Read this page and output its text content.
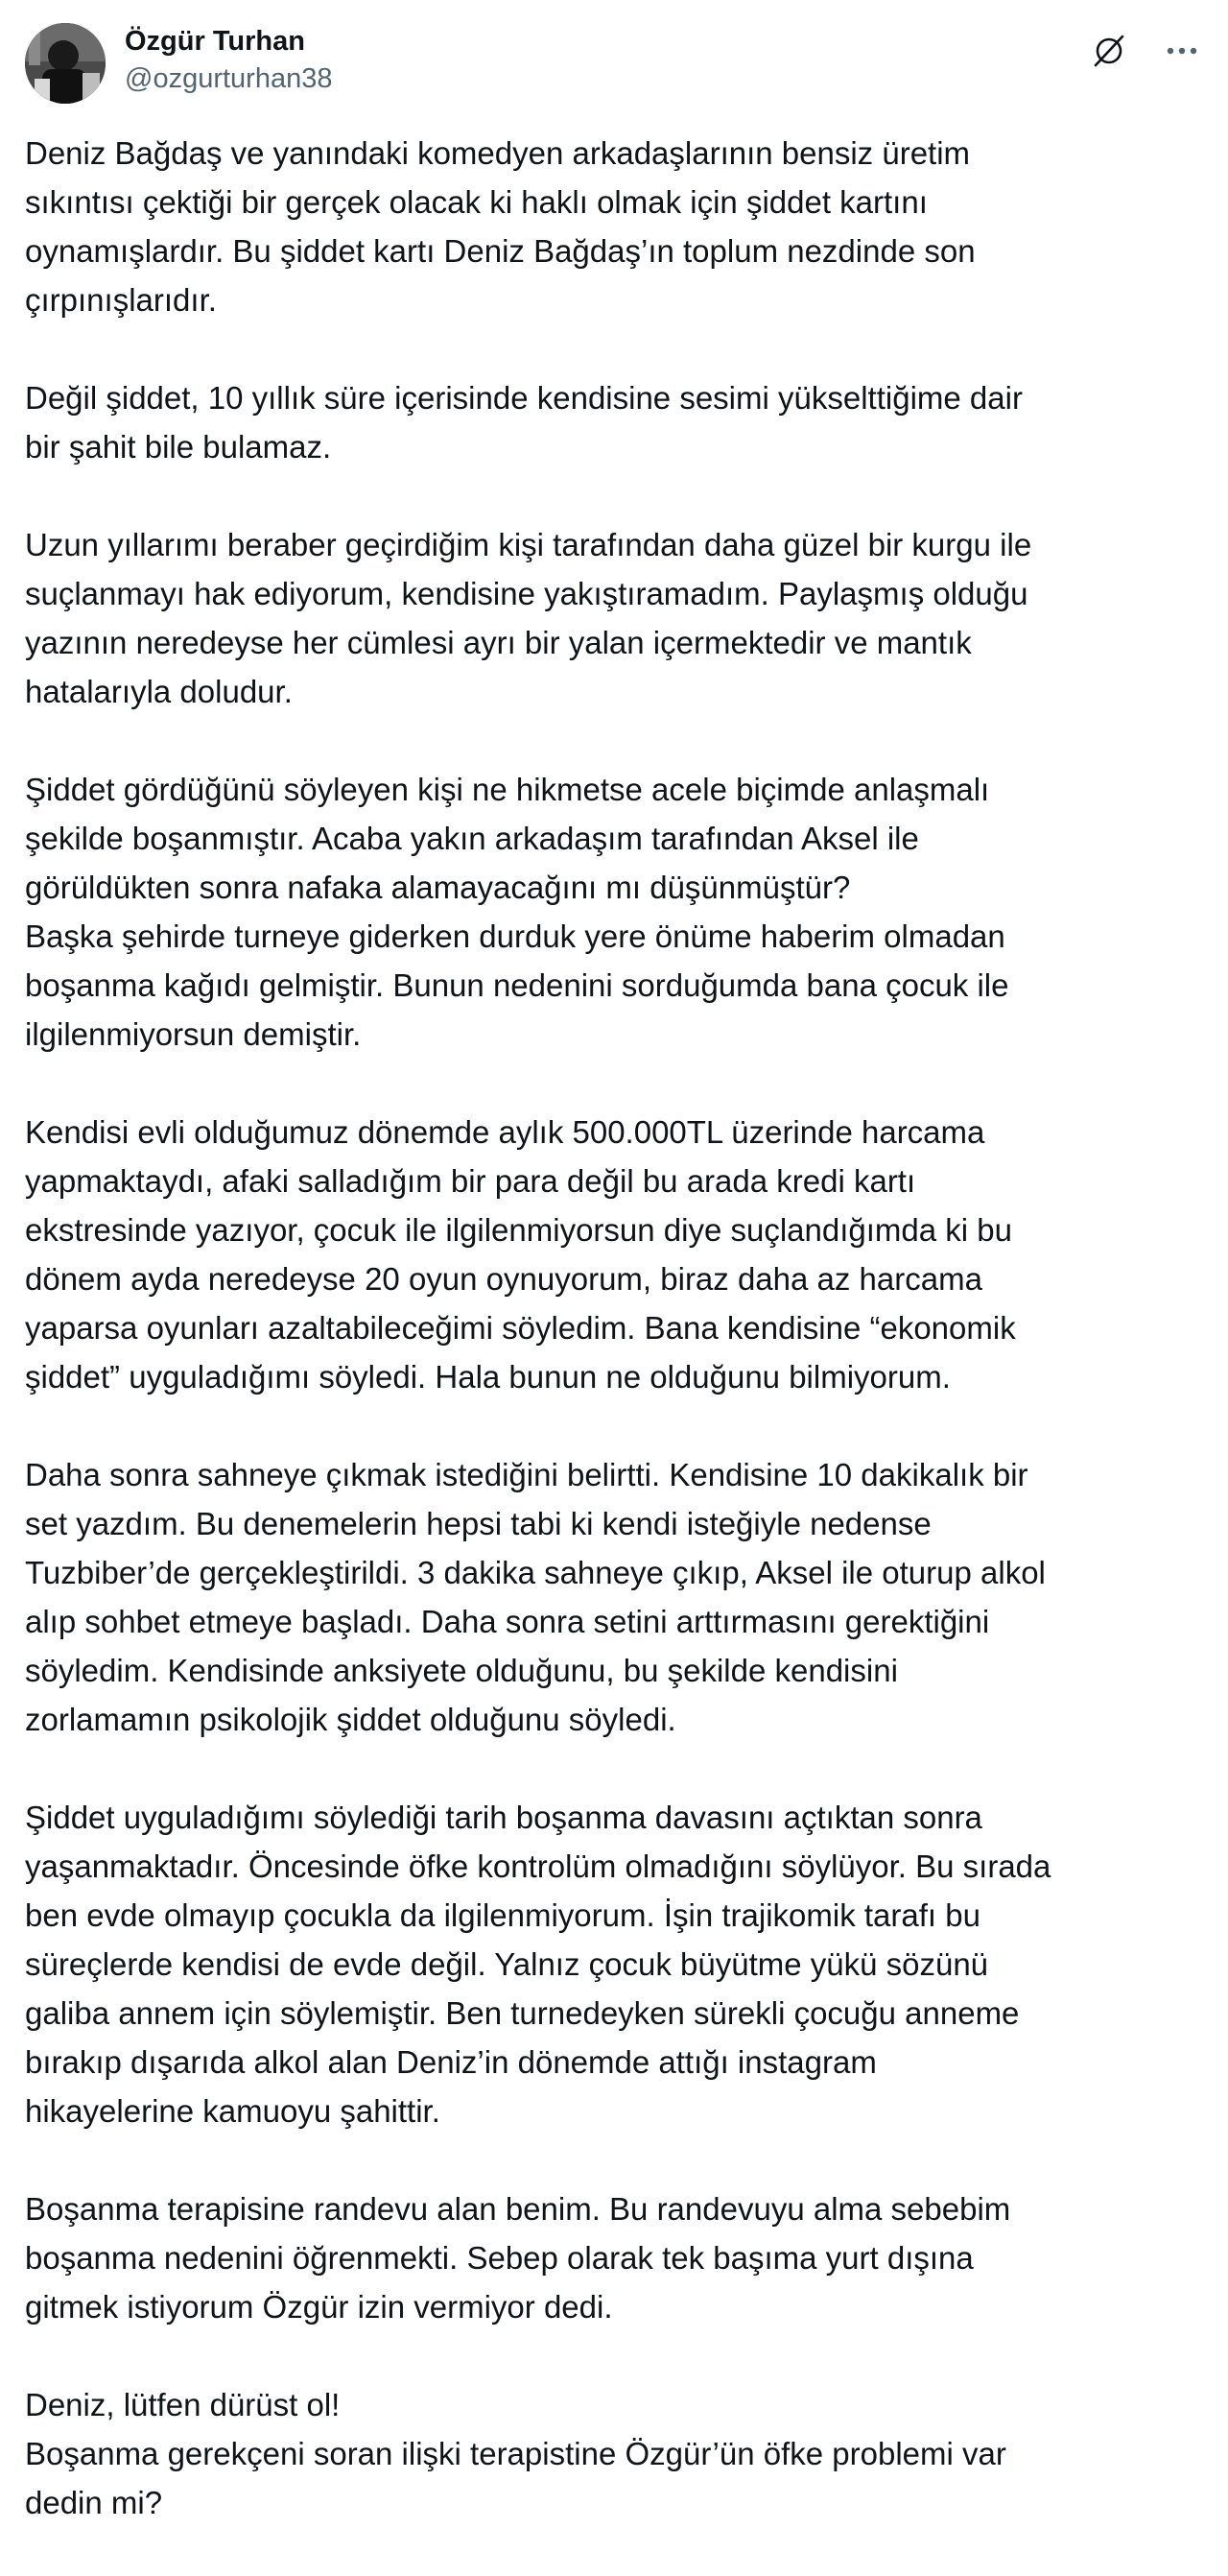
Özgür Turhan
@ozgurturhan38

Deniz Bağdaş ve yanındaki komedyen arkadaşlarının bensiz üretim
sıkıntısı çektiği bir gerçek olacak ki haklı olmak için şiddet kartını
oynamışlardır. Bu şiddet kartı Deniz Bağdaş’ın toplum nezdinde son
çırpınışlarıdır.

Değil şiddet, 10 yıllık süre içerisinde kendisine sesimi yükselttiğime dair
bir şahit bile bulamaz.

Uzun yıllarımı beraber geçirdiğim kişi tarafından daha güzel bir kurgu ile
suçlanmayı hak ediyorum, kendisine yakıştıramadım. Paylaşmış olduğu
yazının neredeyse her cümlesi ayrı bir yalan içermektedir ve mantık
hatalarıyla doludur.

Şiddet gördüğünü söyleyen kişi ne hikmetse acele biçimde anlaşmalı
şekilde boşanmıştır. Acaba yakın arkadaşım tarafından Aksel ile
görüldükten sonra nafaka alamayacağını mı düşünmüştür?
Başka şehirde turneye giderken durduk yere önüme haberim olmadan
boşanma kağıdı gelmiştir. Bunun nedenini sorduğumda bana çocuk ile
ilgilenmiyorsun demiştir.

Kendisi evli olduğumuz dönemde aylık 500.000TL üzerinde harcama
yapmaktaydı, afaki salladığım bir para değil bu arada kredi kartı
ekstresinde yazıyor, çocuk ile ilgilenmiyorsun diye suçlandığımda ki bu
dönem ayda neredeyse 20 oyun oynuyorum, biraz daha az harcama
yaparsa oyunları azaltabileceğimi söyledim. Bana kendisine “ekonomik
şiddet” uyguladığımı söyledi. Hala bunun ne olduğunu bilmiyorum.

Daha sonra sahneye çıkmak istediğini belirtti. Kendisine 10 dakikalık bir
set yazdım. Bu denemelerin hepsi tabi ki kendi isteğiyle nedense
Tuzbiber’de gerçekleştirildi. 3 dakika sahneye çıkıp, Aksel ile oturup alkol
alıp sohbet etmeye başladı. Daha sonra setini arttırmasını gerektiğini
söyledim. Kendisinde anksiyete olduğunu, bu şekilde kendisini
zorlamamın psikolojik şiddet olduğunu söyledi.

Şiddet uyguladığımı söylediği tarih boşanma davasını açtıktan sonra
yaşanmaktadır. Öncesinde öfke kontrolüm olmadığını söylüyor. Bu sırada
ben evde olmayıp çocukla da ilgilenmiyorum. İşin trajikomik tarafı bu
süreçlerde kendisi de evde değil. Yalnız çocuk büyütme yükü sözünü
galiba annem için söylemiştir. Ben turnedeyken sürekli çocuğu anneme
bırakıp dışarıda alkol alan Deniz’in dönemde attığı instagram
hikayelerine kamuoyu şahittir.

Boşanma terapisine randevu alan benim. Bu randevuyu alma sebebim
boşanma nedenini öğrenmekti. Sebep olarak tek başıma yurt dışına
gitmek istiyorum Özgür izin vermiyor dedi.

Deniz, lütfen dürüst ol!
Boşanma gerekçeni soran ilişki terapistine Özgür’ün öfke problemi var
dedin mi?
